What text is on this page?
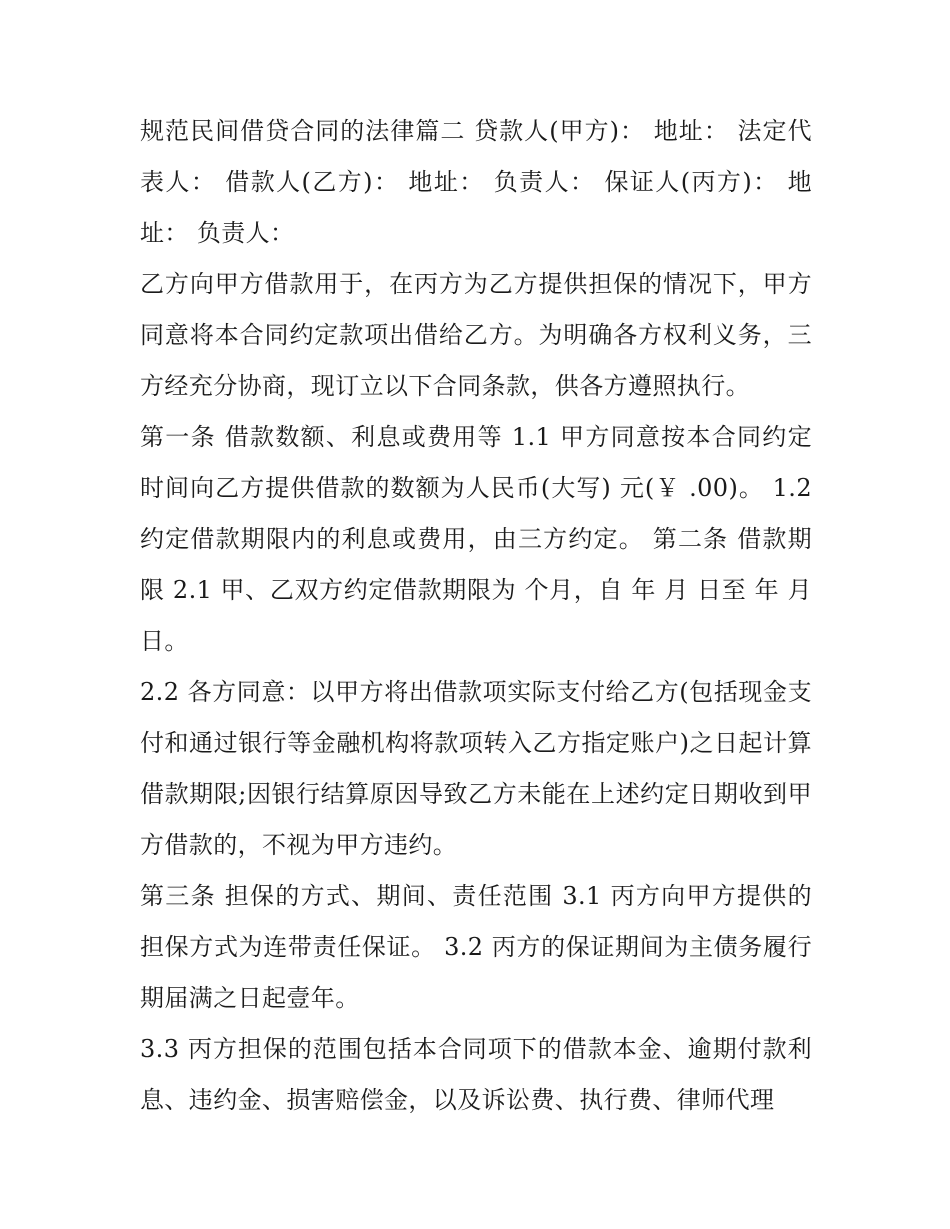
规范民间借贷合同的法律篇二 贷款人(甲方)： 地址： 法定代表人： 借款人(乙方)： 地址： 负责人： 保证人(丙方)： 地址： 负责人：

乙方向甲方借款用于，在丙方为乙方提供担保的情况下，甲方同意将本合同约定款项出借给乙方。为明确各方权利义务，三方经充分协商，现订立以下合同条款，供各方遵照执行。

第一条 借款数额、利息或费用等 1.1 甲方同意按本合同约定时间向乙方提供借款的数额为人民币(大写) 元(￥ .00)。 1.2 约定借款期限内的利息或费用，由三方约定。 第二条 借款期限 2.1 甲、乙双方约定借款期限为 个月，自 年 月 日至 年 月 日。

2.2 各方同意：以甲方将出借款项实际支付给乙方(包括现金支付和通过银行等金融机构将款项转入乙方指定账户)之日起计算借款期限;因银行结算原因导致乙方未能在上述约定日期收到甲方借款的，不视为甲方违约。

第三条 担保的方式、期间、责任范围 3.1 丙方向甲方提供的担保方式为连带责任保证。 3.2 丙方的保证期间为主债务履行期届满之日起壹年。

3.3 丙方担保的范围包括本合同项下的借款本金、逾期付款利息、违约金、损害赔偿金，以及诉讼费、执行费、律师代理
